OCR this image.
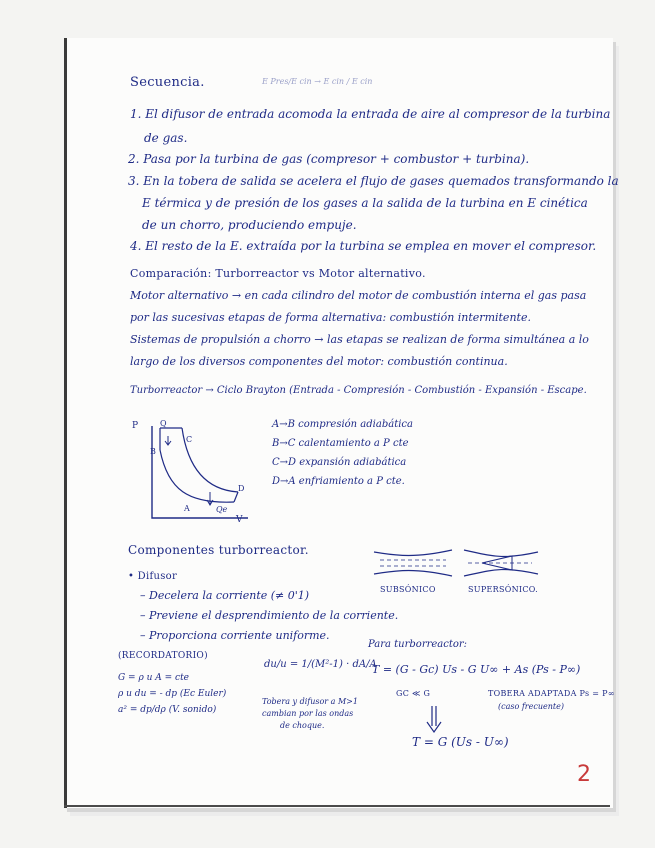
Secuencia.	E Pres/E cin → E cin / E cin
1. El difusor de entrada acomoda la entrada de aire al compresor de la turbina
de gas.
2. Pasa por la turbina de gas (compresor + combustor + turbina).
3. En la tobera de salida se acelera el flujo de gases quemados transformando la
E térmica y de presión de los gases a la salida de la turbina en E cinética
de un chorro, produciendo empuje.
4. El resto de la E. extraída por la turbina se emplea en mover el compresor.
Comparación: Turborreactor vs Motor alternativo.
Motor alternativo → en cada cilindro del motor de combustión interna el gas pasa
por las sucesivas etapas de forma alternativa: combustión intermitente.
Sistemas de propulsión a chorro → las etapas se realizan de forma simultánea a lo
largo de los diversos componentes del motor: combustión continua.
Turborreactor → Ciclo Brayton (Entrada - Compresión - Combustión - Expansión - Escape.
P
V
Q
B
C
D
A	Qe
A→B compresión adiabática
B→C calentamiento a P cte
C→D expansión adiabática
D→A enfriamiento a P cte.
Componentes turborreactor.
• Difusor
– Decelera la corriente (≠ 0'1)
– Previene el desprendimiento de la corriente.
– Proporciona corriente uniforme.
SUBSÓNICO	SUPERSÓNICO.
(RECORDATORIO)
G = ρ u A = cte
ρ u du = - dp (Ec Euler)
a² = dp/dρ (V. sonido)
du/u = 1/(M²-1) · dA/A
Tobera y difusor a M>1
cambian por las ondas
de choque.
Para turborreactor:
T = (G - Gc) Us - G U∞ + As (Ps - P∞)
GC ≪ G	TOBERA ADAPTADA Ps = P∞
(caso frecuente)
T = G (Us - U∞)
2
